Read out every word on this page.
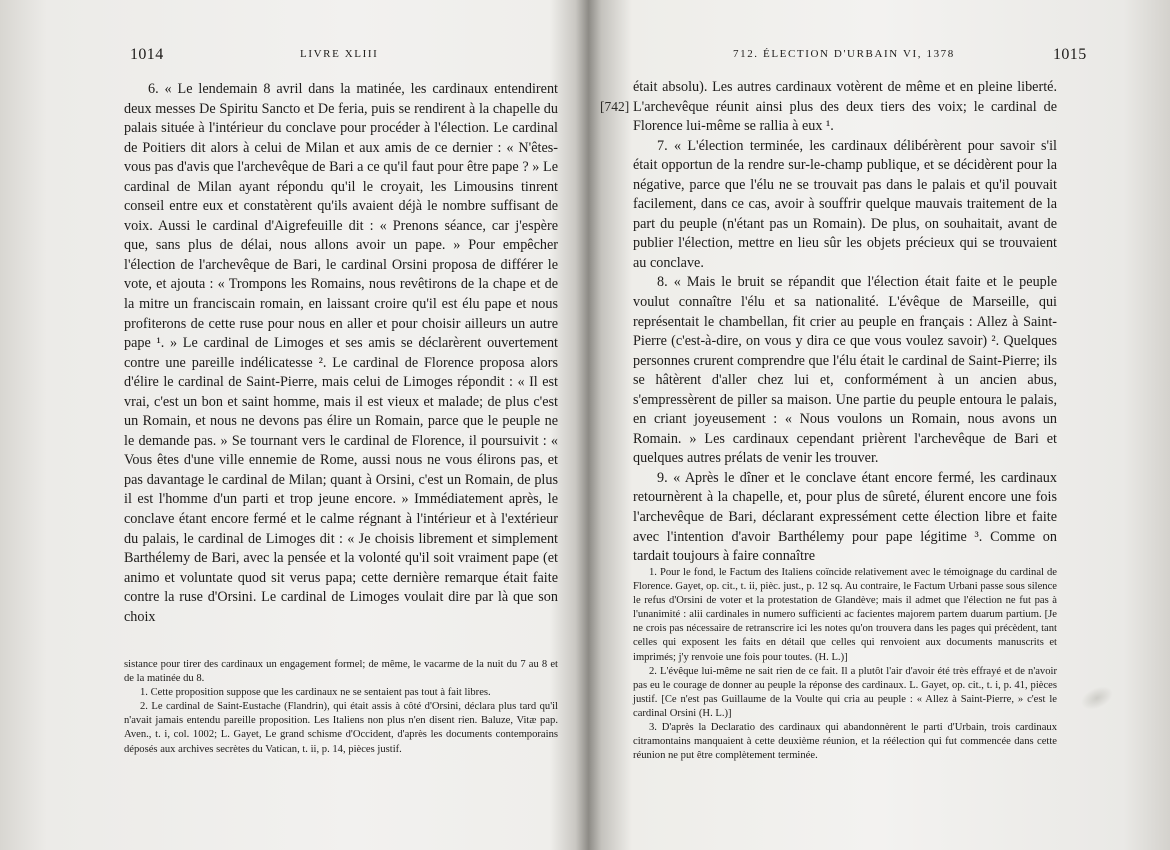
1014	LIVRE XLIII

6. « Le lendemain 8 avril dans la matinée, les cardinaux entendirent deux messes De Spiritu Sancto et De feria, puis se rendirent à la chapelle du palais située à l'intérieur du conclave pour procéder à l'élection. Le cardinal de Poitiers dit alors à celui de Milan et aux amis de ce dernier : « N'êtes-vous pas d'avis que l'archevêque de Bari a ce qu'il faut pour être pape ? » Le cardinal de Milan ayant répondu qu'il le croyait, les Limousins tinrent conseil entre eux et constatèrent qu'ils avaient déjà le nombre suffisant de voix. Aussi le cardinal d'Aigrefeuille dit : « Prenons séance, car j'espère que, sans plus de délai, nous allons avoir un pape. » Pour empêcher l'élection de l'archevêque de Bari, le cardinal Orsini proposa de différer le vote, et ajouta : « Trompons les Romains, nous revêtirons de la chape et de la mitre un franciscain romain, en laissant croire qu'il est élu pape et nous profiterons de cette ruse pour nous en aller et pour choisir ailleurs un autre pape ¹. » Le cardinal de Limoges et ses amis se déclarèrent ouvertement contre une pareille indélicatesse ². Le cardinal de Florence proposa alors d'élire le cardinal de Saint-Pierre, mais celui de Limoges répondit : « Il est vrai, c'est un bon et saint homme, mais il est vieux et malade; de plus c'est un Romain, et nous ne devons pas élire un Romain, parce que le peuple ne le demande pas. » Se tournant vers le cardinal de Florence, il poursuivit : « Vous êtes d'une ville ennemie de Rome, aussi nous ne vous élirons pas, et pas davantage le cardinal de Milan; quant à Orsini, c'est un Romain, de plus il est l'homme d'un parti et trop jeune encore. » Immédiatement après, le conclave étant encore fermé et le calme régnant à l'intérieur et à l'extérieur du palais, le cardinal de Limoges dit : « Je choisis librement et simplement Barthélemy de Bari, avec la pensée et la volonté qu'il soit vraiment pape (et animo et voluntate quod sit verus papa; cette dernière remarque était faite contre la ruse d'Orsini. Le cardinal de Limoges voulait dire par là que son choix

sistance pour tirer des cardinaux un engagement formel; de même, le vacarme de la nuit du 7 au 8 et de la matinée du 8.

1. Cette proposition suppose que les cardinaux ne se sentaient pas tout à fait libres.

2. Le cardinal de Saint-Eustache (Flandrin), qui était assis à côté d'Orsini, déclara plus tard qu'il n'avait jamais entendu pareille proposition. Les Italiens non plus n'en disent rien. Baluze, Vitæ pap. Aven., t. i, col. 1002; L. Gayet, Le grand schisme d'Occident, d'après les documents contemporains déposés aux archives secrètes du Vatican, t. ii, p. 14, pièces justif.

712. ÉLECTION D'URBAIN VI, 1378	1015
[742]

était absolu). Les autres cardinaux votèrent de même et en pleine liberté. L'archevêque réunit ainsi plus des deux tiers des voix; le cardinal de Florence lui-même se rallia à eux ¹.

7. « L'élection terminée, les cardinaux délibérèrent pour savoir s'il était opportun de la rendre sur-le-champ publique, et se décidèrent pour la négative, parce que l'élu ne se trouvait pas dans le palais et qu'il pouvait facilement, dans ce cas, avoir à souffrir quelque mauvais traitement de la part du peuple (n'étant pas un Romain). De plus, on souhaitait, avant de publier l'élection, mettre en lieu sûr les objets précieux qui se trouvaient au conclave.

8. « Mais le bruit se répandit que l'élection était faite et le peuple voulut connaître l'élu et sa nationalité. L'évêque de Marseille, qui représentait le chambellan, fit crier au peuple en français : Allez à Saint-Pierre (c'est-à-dire, on vous y dira ce que vous voulez savoir) ². Quelques personnes crurent comprendre que l'élu était le cardinal de Saint-Pierre; ils se hâtèrent d'aller chez lui et, conformément à un ancien abus, s'empressèrent de piller sa maison. Une partie du peuple entoura le palais, en criant joyeusement : « Nous voulons un Romain, nous avons un Romain. » Les cardinaux cependant prièrent l'archevêque de Bari et quelques autres prélats de venir les trouver.

9. « Après le dîner et le conclave étant encore fermé, les cardinaux retournèrent à la chapelle, et, pour plus de sûreté, élurent encore une fois l'archevêque de Bari, déclarant expressément cette élection libre et faite avec l'intention d'avoir Barthélemy pour pape légitime ³. Comme on tardait toujours à faire connaître

1. Pour le fond, le Factum des Italiens coïncide relativement avec le témoignage du cardinal de Florence. Gayet, op. cit., t. ii, pièc. just., p. 12 sq. Au contraire, le Factum Urbani passe sous silence le refus d'Orsini de voter et la protestation de Glandève; mais il admet que l'élection ne fut pas à l'unanimité : alii cardinales in numero sufficienti ac facientes majorem partem duarum partium. [Je ne crois pas nécessaire de retranscrire ici les notes qu'on trouvera dans les pages qui précèdent, tant celles qui exposent les faits en détail que celles qui renvoient aux documents manuscrits et imprimés; j'y renvoie une fois pour toutes. (H. L.)]

2. L'évêque lui-même ne sait rien de ce fait. Il a plutôt l'air d'avoir été très effrayé et de n'avoir pas eu le courage de donner au peuple la réponse des cardinaux. L. Gayet, op. cit., t. i, p. 41, pièces justif. [Ce n'est pas Guillaume de la Voulte qui cria au peuple : « Allez à Saint-Pierre, » c'est le cardinal Orsini (H. L.)]

3. D'après la Declaratio des cardinaux qui abandonnèrent le parti d'Urbain, trois cardinaux citramontains manquaient à cette deuxième réunion, et la réélection qui fut commencée dans cette réunion ne put être complètement terminée.
